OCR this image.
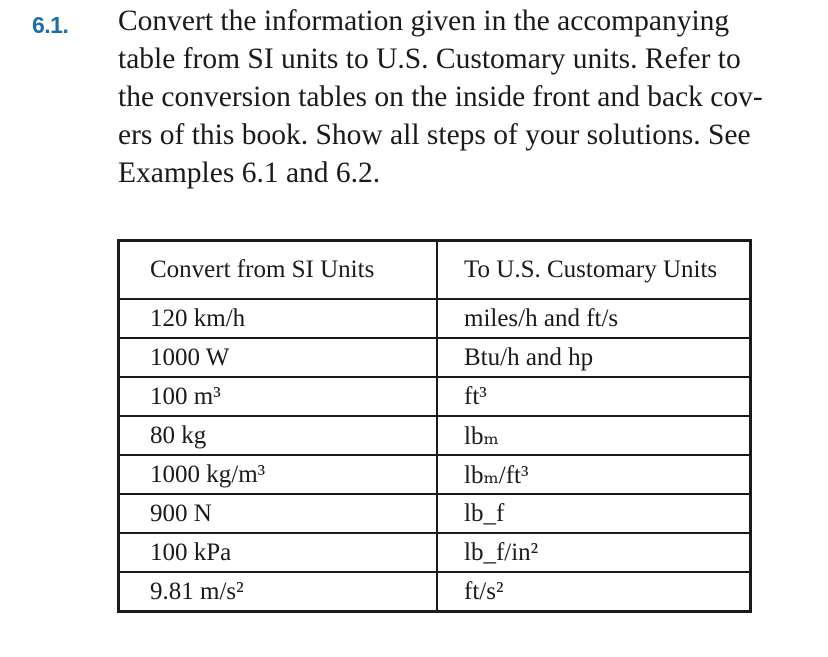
6.1. Convert the information given in the accompanying
table from SI units to U.S. Customary units. Refer to
the conversion tables on the inside front and back cov-
ers of this book. Show all steps of your solutions. See
Examples 6.1 and 6.2.
Convert from SI Units	To U.S. Customary Units
120 km/h	miles/h and ft/s
1000 W	Btu/h and hp
100 m³	ft³
80 kg	lbₘ
1000 kg/m³	lbₘ/ft³
900 N	lb_f
100 kPa	lb_f/in²
9.81 m/s²	ft/s²
